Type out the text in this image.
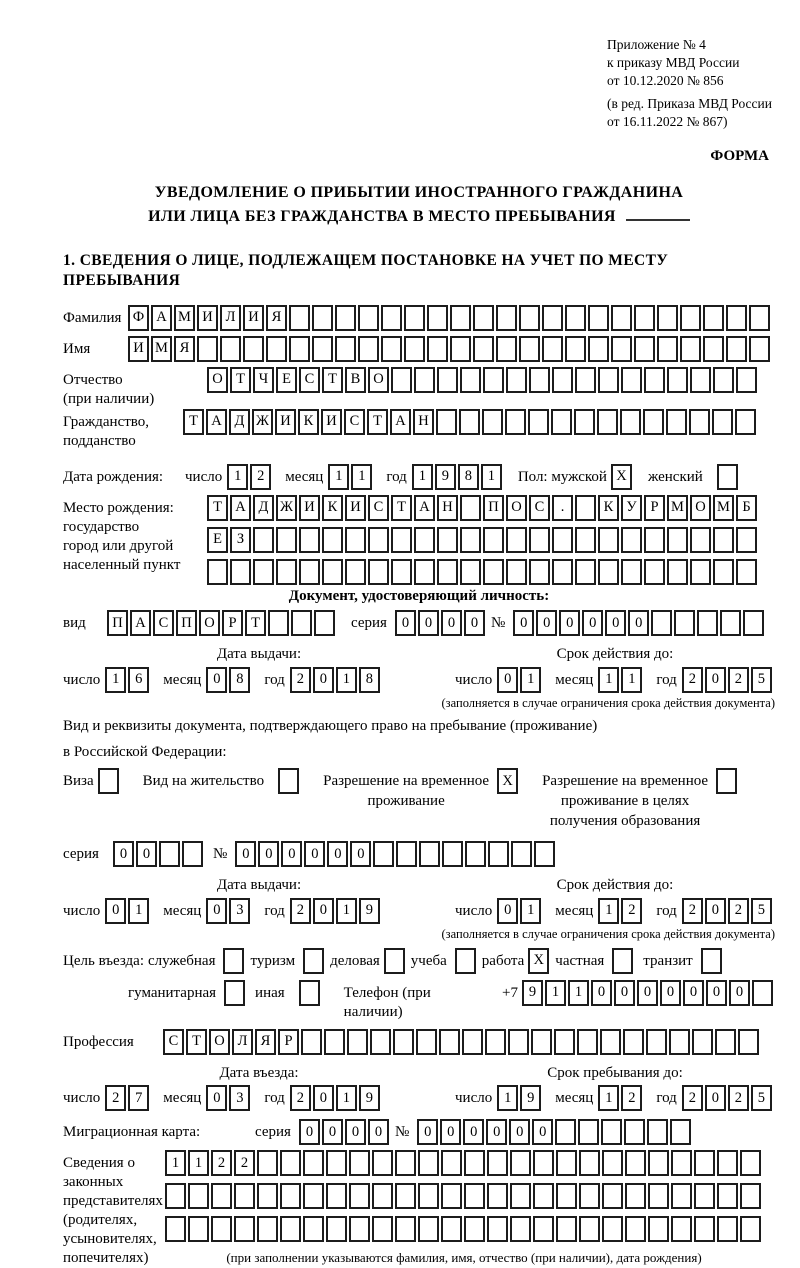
Приложение № 4
к приказу МВД России
от 10.12.2020 № 856
(в ред. Приказа МВД России
от 16.11.2022 № 867)
ФОРМА
УВЕДОМЛЕНИЕ О ПРИБЫТИИ ИНОСТРАННОГО ГРАЖДАНИНА
ИЛИ ЛИЦА БЕЗ ГРАЖДАНСТВА В МЕСТО ПРЕБЫВАНИЯ
1. СВЕДЕНИЯ О ЛИЦЕ, ПОДЛЕЖАЩЕМ ПОСТАНОВКЕ НА УЧЕТ ПО МЕСТУ ПРЕБЫВАНИЯ
Фамилия Ф А М И Л И Я
Имя	И М Я
Отчество
(при наличии)
О Т Ч Е С Т В О
Гражданство,
подданство
Т А Д Ж И К И С Т А Н
Дата рождения:	число 1	2	месяц 1	1	год 1	9	8	1	Пол: мужской X	женский
Место рождения:
государство
город или другой
населенный пункт
Т А Д Ж И К И С Т А Н	П О С	.	К У Р М О М Б
Е	З
Документ, удостоверяющий личность:
вид	П А С П О Р	Т	серия	0	0	0	0 №	0	0	0	0	0	0
Дата выдачи:
число 1	6	месяц 0	8	год 2	0	1	8
Срок действия до:
число 0	1	месяц 1	1	год 2	0	2	5
(заполняется в случае ограничения срока действия документа)
Вид и реквизиты документа, подтверждающего право на пребывание (проживание)
в Российской Федерации:
Виза	Вид на жительство	Разрешение на временное
проживание
X	Разрешение на временное
проживание в целях
получения образования
серия	0	0	№	0	0	0	0	0	0
Дата выдачи:
число 0	1	месяц 0	3	год 2	0	1	9
Срок действия до:
число 0	1	месяц 1	2	год 2	0	2	5
(заполняется в случае ограничения срока действия документа)
Цель въезда: служебная туризм деловая учеба работа X частная	транзит
гуманитарная	иная	Телефон (при наличии)
+7 9	1	1	0	0	0	0	0	0	0
Профессия	С Т О Л Я Р
Дата въезда:
число 2	7	месяц 0	3	год 2	0	1	9
Срок пребывания до:
число 1	9	месяц 1	2	год 2	0	2	5
Миграционная карта:	серия	0	0	0	0 №	0	0	0	0	0	0
Сведения о
законных
представителях
(родителях,
усыновителях,
попечителях)
1	1	2	2
(при заполнении указываются фамилия, имя, отчество (при наличии), дата рождения)
